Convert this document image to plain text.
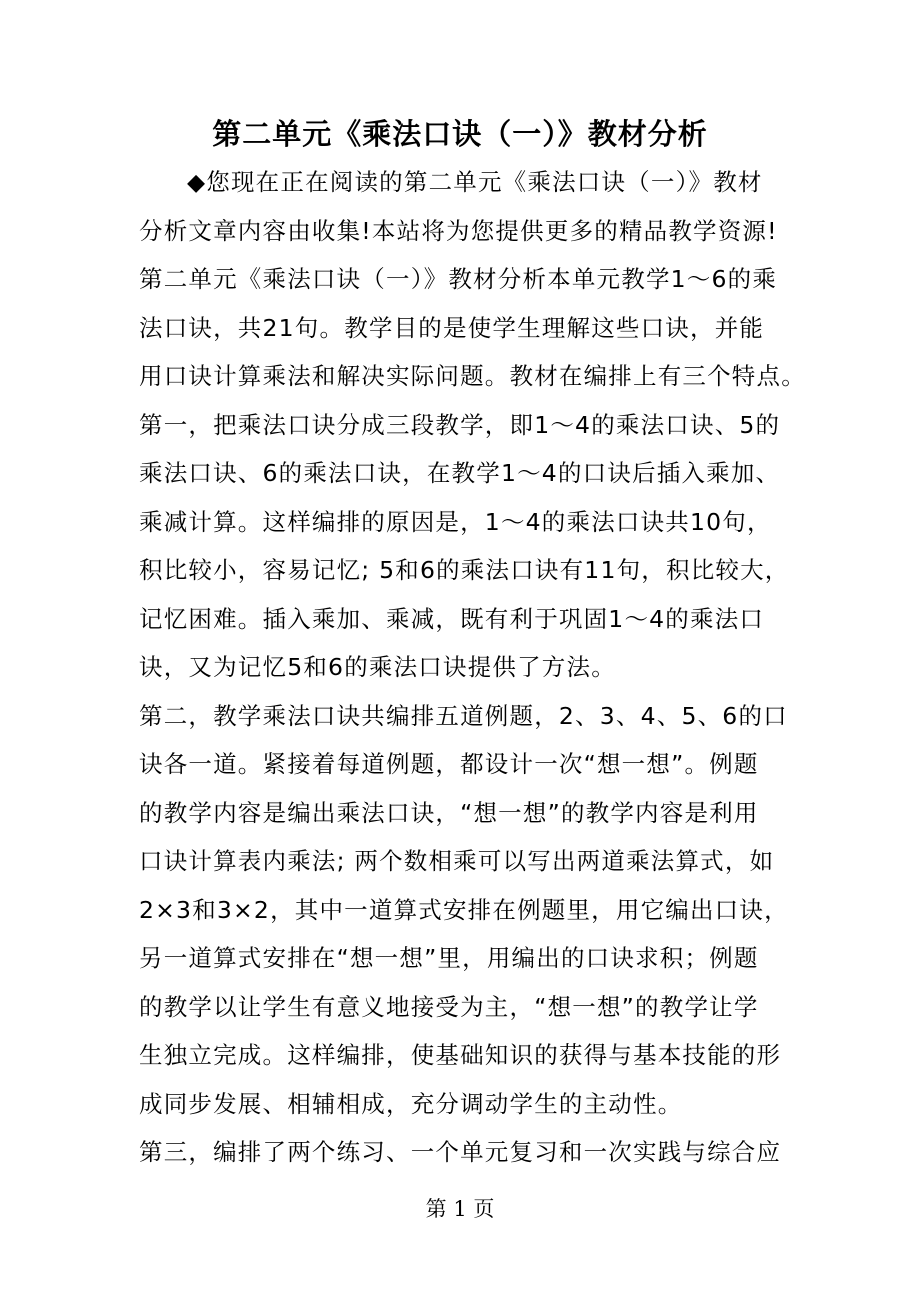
第二单元《乘法口诀（一）》教材分析
◆您现在正在阅读的第二单元《乘法口诀（一）》教材
分析文章内容由收集!本站将为您提供更多的精品教学资源!
第二单元《乘法口诀（一）》教材分析本单元教学1～6的乘
法口诀，共21句。教学目的是使学生理解这些口诀，并能
用口诀计算乘法和解决实际问题。教材在编排上有三个特点。
第一，把乘法口诀分成三段教学，即1～4的乘法口诀、5的
乘法口诀、6的乘法口诀，在教学1～4的口诀后插入乘加、
乘减计算。这样编排的原因是，1～4的乘法口诀共10句，
积比较小，容易记忆; 5和6的乘法口诀有11句，积比较大，
记忆困难。插入乘加、乘减，既有利于巩固1～4的乘法口
诀，又为记忆5和6的乘法口诀提供了方法。
第二，教学乘法口诀共编排五道例题，2、3、4、5、6的口
诀各一道。紧接着每道例题，都设计一次“想一想”。例题
的教学内容是编出乘法口诀，“想一想”的教学内容是利用
口诀计算表内乘法; 两个数相乘可以写出两道乘法算式，如
2×3和3×2，其中一道算式安排在例题里，用它编出口诀，
另一道算式安排在“想一想”里，用编出的口诀求积；例题
的教学以让学生有意义地接受为主，“想一想”的教学让学
生独立完成。这样编排，使基础知识的获得与基本技能的形
成同步发展、相辅相成，充分调动学生的主动性。
第三，编排了两个练习、一个单元复习和一次实践与综合应
第 1 页
